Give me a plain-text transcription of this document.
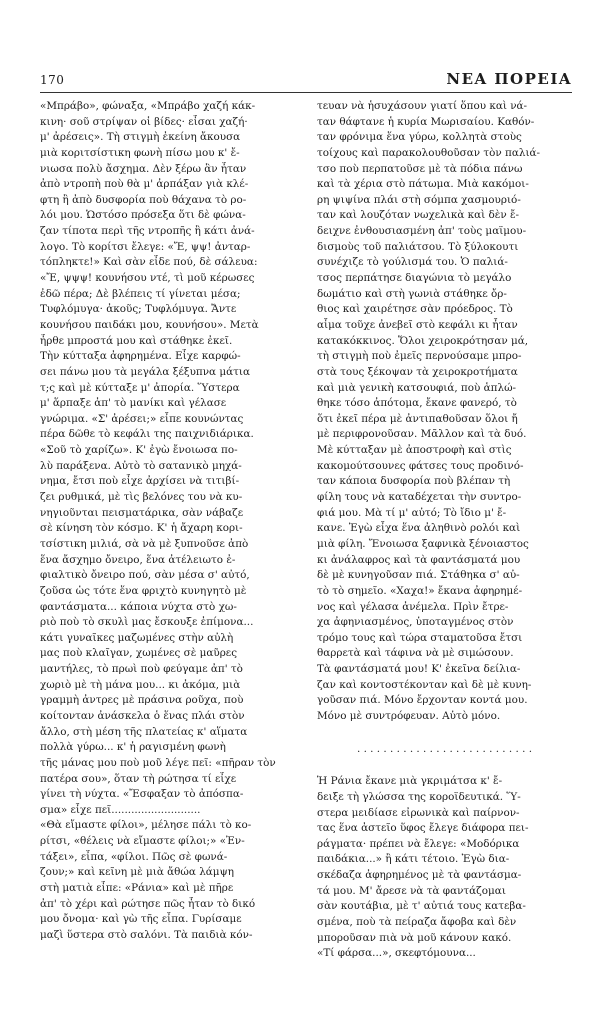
170	ΝΕΑ ΠΟΡΕΙΑ
«Μπράβο», φώναξα, «Μπράβο χαζή κάκ-
κινη· σοῦ στρίψαν οἱ βίδες· εἶσαι χαζή·
μ' ἀρέσεις». Τὴ στιγμὴ ἐκείνη ἄκουσα
μιὰ κοριτσίστικη φωνὴ πίσω μου κ' ἔ-
νιωσα πολὺ ἄσχημα. Δὲν ξέρω ἂν ἦταν
ἀπὸ ντροπὴ ποὺ θὰ μ' ἀρπάξαν γιὰ κλέ-
φτη ἢ ἀπὸ δυσφορία ποὺ θάχανα τὸ ρο-
λόι μου. Ὡστόσο πρόσεξα ὅτι δὲ φώνα-
ζαν τίποτα περὶ τῆς ντροπῆς ἢ κάτι ἀνά-
λογο. Τὸ κορίτσι ἔλεγε: «Ἔ, ψψ! ἀνταρ-
τόπληκτε!» Καὶ σὰν εἶδε πού, δὲ σάλευα:
«Ἔ, ψψψ! κουνήσου ντέ, τὶ μοῦ κέρωσες
ἐδῶ πέρα; Δὲ βλέπεις τί γίνεται μέσα;
Τυφλόμυγα· ἀκοῦς; Τυφλόμυγα. Ἄντε
κουνήσου παιδάκι μου, κουνήσου». Μετὰ
ἦρθε μπροστά μου καὶ στάθηκε ἐκεῖ.
Τὴν κύτταξα ἀφηρημένα. Εἶχε καρφώ-
σει πάνω μου τὰ μεγάλα ξέξυπνα μάτια
τ;ς καὶ μὲ κύτταξε μ' ἀπορία. Ὕστερα
μ' ἅρπαξε ἀπ' τὸ μανίκι καὶ γέλασε
γνώριμα. «Σ' ἀρέσει;» εἶπε κουνώντας
πέρα δῶθε τὸ κεφάλι της παιχνιδιάρικα.
«Σοῦ τὸ χαρίζω». Κ' ἐγὼ ἔνοιωσα πο-
λὺ παράξενα. Αὐτὸ τὸ σατανικὸ μηχά-
νημα, ἔτσι ποὺ εἶχε ἀρχίσει νὰ τιτιβί-
ζει ρυθμικά, μὲ τὶς βελόνες του νὰ κυ-
νηγιοῦνται πεισματάρικα, σὰν νάβαζε
σὲ κίνηση τὸν κόσμο. Κ' ἡ ἄχαρη κορι-
τσίστικη μιλιά, σὰ νὰ μὲ ξυπνοῦσε ἀπὸ
ἕνα ἄσχημο ὄνειρο, ἕνα ἀτέλειωτο ἐ-
φιαλτικὸ ὄνειρο πού, σὰν μέσα σ' αὐτό,
ζοῦσα ὡς τότε ἕνα φριχτὸ κυνηγητὸ μὲ
φαντάσματα... κάποια νύχτα στὸ χω-
ριὸ ποὺ τὸ σκυλὶ μας ἔσκουξε ἐπίμονα...
κάτι γυναῖκες μαζωμένες στὴν αὐλὴ
μας ποὺ κλαῖγαν, χωμένες σὲ μαῦρες
μαντήλες, τὸ πρωὶ ποὺ φεύγαμε ἀπ' τὸ
χωριὸ μὲ τὴ μάνα μου... κι ἀκόμα, μιὰ
γραμμὴ ἀντρες μὲ πράσινα ροῦχα, ποὺ
κοίτονταν ἀνάσκελα ὁ ἕνας πλάι στὸν
ἄλλο, στὴ μέση τῆς πλατείας κ' αἵματα
πολλὰ γύρω... κ' ἡ ραγισμένη φωνὴ
τῆς μάνας μου ποὺ μοῦ λέγε πεῖ: «πῆραν τὸν
πατέρα σου», ὅταν τὴ ρώτησα τί εἶχε
γίνει τὴ νύχτα. «Ἔσφαξαν τὸ ἀπόσπα-
σμα» εἶχε πεῖ...........................
«Θὰ εἴμαστε φίλοι», μέλησε πάλι τὸ κο-
ρίτσι, «θέλεις νὰ εἴμαστε φίλοι;» «Ἐν-
τάξει», εἶπα, «φίλοι. Πῶς σὲ φωνά-
ζουν;» καὶ κεῖνη μὲ μιὰ ἄθώα λάμψη
στὴ ματιὰ εἶπε: «Ράνια» καὶ μὲ πῆρε
ἀπ' τὸ χέρι καὶ ρώτησε πῶς ἦταν τὸ δικό
μου ὄνομα· καὶ γὼ τῆς εἶπα. Γυρίσαμε
μαζὶ ὕστερα στὸ σαλόνι. Τὰ παιδιὰ κόν-
τευαν νὰ ἡσυχάσουν γιατί ὅπου καὶ νά-
ταν θάφτανε ἡ κυρία Μωρισαίου. Καθόν-
ταν φρόνιμα ἕνα γύρω, κολλητὰ στοὺς
τοίχους καὶ παρακολουθοῦσαν τὸν παλιά-
τσο ποὺ περπατοῦσε μὲ τὰ πόδια πάνω
καὶ τὰ χέρια στὸ πάτωμα. Μιὰ κακόμοι-
ρη ψιψίνα πλάι στὴ σόμπα χασμουριό-
ταν καὶ λουζόταν νωχελικὰ καὶ δὲν ἔ-
δειχνε ἐνθουσιασμένη ἀπ' τοὺς μαϊμου-
δισμοὺς τοῦ παλιάτσου. Τὸ ξύλοκουτι
συνέχιζε τὸ γούλισμά του. Ὁ παλιά-
τσος περπάτησε διαγώνια τὸ μεγάλο
δωμάτιο καὶ στὴ γωνιὰ στάθηκε ὄρ-
θιος καὶ χαιρέτησε σὰν πρόεδρος. Τὸ
αἷμα τοῦχε ἀνεβεῖ στὸ κεφάλι κι ἦταν
κατακόκκινος. Ὅλοι χειροκρότησαν μά,
τὴ στιγμὴ ποὺ ἐμεῖς περνούσαμε μπρο-
στὰ τους ξέκοψαν τὰ χειροκροτήματα
καὶ μιὰ γενικὴ κατσουφιά, ποὺ ἁπλώ-
θηκε τόσο ἀπότομα, ἔκανε φανερό, τὸ
ὅτι ἐκεῖ πέρα μὲ ἀντιπαθοῦσαν ὅλοι ἤ
μὲ περιφρονοῦσαν. Μᾶλλον καὶ τὰ δυό.
Μὲ κύτταξαν μὲ ἀποστροφὴ καὶ στὶς
κακομούτσουνες φάτσες τους προδινό-
ταν κάποια δυσφορία ποὺ βλέπαν τὴ
φίλη τους νὰ καταδέχεται τὴν συντρο-
φιά μου. Μὰ τί μ' αὐτό; Τὸ ἴδιο μ' ἔ-
κανε. Ἐγὼ εἶχα ἕνα ἀληθινὸ ρολόι καὶ
μιὰ φίλη. Ἔνοιωσα ξαφνικὰ ξένοιαστος
κι ἀνάλαφρος καὶ τὰ φαντάσματά μου
δὲ μὲ κυνηγοῦσαν πιά. Στάθηκα σ' αὐ-
τὸ τὸ σημεῖο. «Χαχα!» ἔκανα ἀφηρημέ-
νος καὶ γέλασα ἀνέμελα. Πρὶν ἔτρε-
χα ἀφηνιασμένος, ὑποταγμένος στὸν
τρόμο τους καὶ τώρα σταματοῦσα ἔτσι
θαρρετὰ καὶ τάφινα νὰ μὲ σιμώσουν.
Τὰ φαντάσματά μου! Κ' ἐκεῖνα δείλια-
ζαν καὶ κοντοστέκονταν καὶ δὲ μὲ κυνη-
γοῦσαν πιά. Μόνο ἔρχονταν κοντά μου.
Μόνο μὲ συντρόφευαν. Αὐτὸ μόνο.
. . . . . . . . . . . . . . . . . . . . . . . . . . .
Ἡ Ράνια ἔκανε μιὰ γκριμάτσα κ' ἔ-
δειξε τὴ γλώσσα της κοροϊδευτικά. Ὕ-
στερα μειδίασε εἰρωνικὰ καὶ παίρνον-
τας ἕνα ἀστεῖο ὕφος ἔλεγε διάφορα πει-
ράγματα· πρέπει νὰ ἔλεγε: «Μοδόρικα
παιδάκια...» ἢ κάτι τέτοιο. Ἐγὼ δια-
σκέδαζα ἀφηρημένος μὲ τὰ φαντάσμα-
τά μου. Μ' ἄρεσε νὰ τὰ φαντάζομαι
σὰν κουτάβια, μὲ τ' αὐτιά τους κατεβα-
σμένα, ποὺ τὰ πείραζα ἄφοβα καὶ δὲν
μποροῦσαν πιὰ νὰ μοῦ κάνουν κακό.
«Τί φάρσα...», σκεφτόμουνα...
